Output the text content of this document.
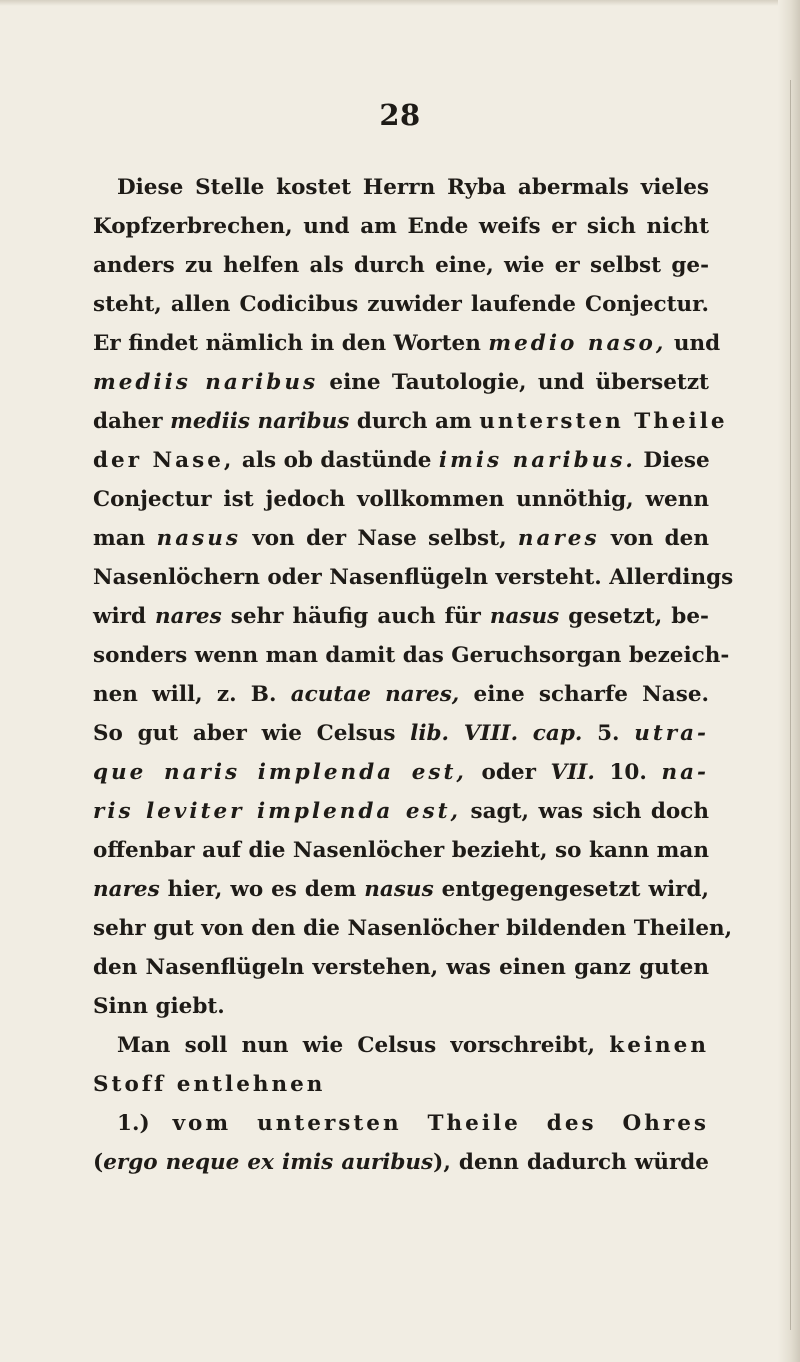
28
Diese Stelle kostet Herrn Ryba abermals vieles
Kopfzerbrechen, und am Ende weifs er sich nicht
anders zu helfen als durch eine, wie er selbst ge-
steht, allen Codicibus zuwider laufende Conjectur.
Er findet nämlich in den Worten medio naso, und
mediis naribus eine Tautologie, und übersetzt
daher mediis naribus durch am untersten Theile
der Nase, als ob dastünde imis naribus. Diese
Conjectur ist jedoch vollkommen unnöthig, wenn
man nasus von der Nase selbst, nares von den
Nasenlöchern oder Nasenflügeln versteht. Allerdings
wird nares sehr häufig auch für nasus gesetzt, be-
sonders wenn man damit das Geruchsorgan bezeich-
nen will, z. B. acutae nares, eine scharfe Nase.
So gut aber wie Celsus lib. VIII. cap. 5. utra-
que naris implenda est, oder VII. 10. na-
ris leviter implenda est, sagt, was sich doch
offenbar auf die Nasenlöcher bezieht, so kann man
nares hier, wo es dem nasus entgegengesetzt wird,
sehr gut von den die Nasenlöcher bildenden Theilen,
den Nasenflügeln verstehen, was einen ganz guten
Sinn giebt.
Man soll nun wie Celsus vorschreibt, keinen
Stoff entlehnen
1.) vom untersten Theile des Ohres
(ergo neque ex imis auribus), denn dadurch würde
